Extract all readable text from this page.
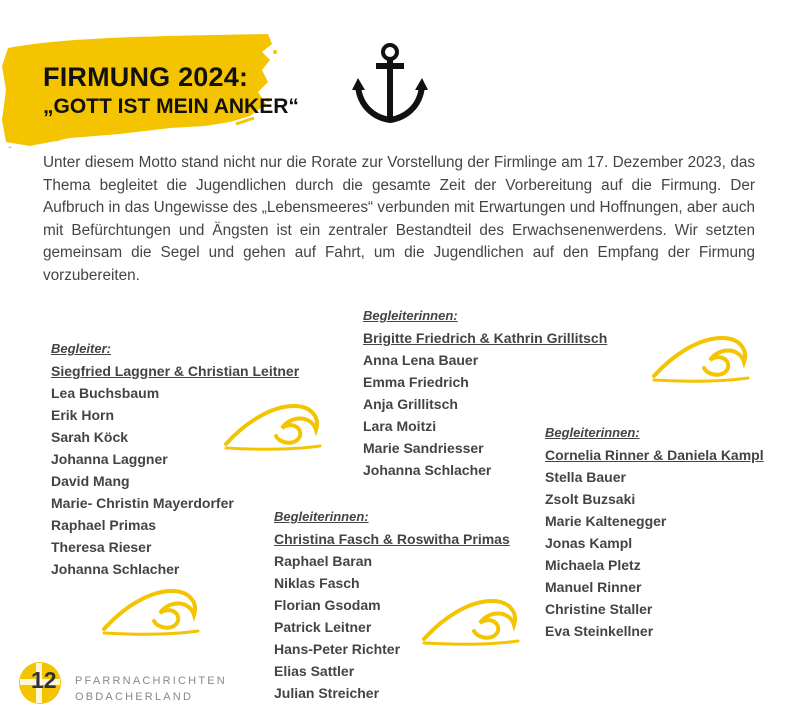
FIRMUNG 2024:
„GOTT IST MEIN ANKER“

Unter diesem Motto stand nicht nur die Rorate zur Vorstellung der Firmlinge am 17. Dezember 2023, das Thema begleitet die Jugendlichen durch die gesamte Zeit der Vorbereitung auf die Firmung. Der Aufbruch in das Ungewisse des „Lebensmeeres“ verbunden mit Erwartungen und Hoffnungen, aber auch mit Befürchtungen und Ängsten ist ein zentraler Bestandteil des Erwachsenenwerdens. Wir setzten gemeinsam die Segel und gehen auf Fahrt, um die Jugendlichen auf den Empfang der Firmung vorzubereiten.

Begleiter:
Siegfried Laggner & Christian Leitner
Lea Buchsbaum
Erik Horn
Sarah Köck
Johanna Laggner
David Mang
Marie- Christin Mayerdorfer
Raphael Primas
Theresa Rieser
Johanna Schlacher
Begleiterinnen:
Brigitte Friedrich & Kathrin Grillitsch
Anna Lena Bauer
Emma Friedrich
Anja Grillitsch
Lara Moitzi
Marie Sandriesser
Johanna Schlacher
Begleiterinnen:
Christina Fasch & Roswitha Primas
Raphael Baran
Niklas Fasch
Florian Gsodam
Patrick Leitner
Hans-Peter Richter
Elias Sattler
Julian Streicher
Begleiterinnen:
Cornelia Rinner & Daniela Kampl
Stella Bauer
Zsolt Buzsaki
Marie Kaltenegger
Jonas Kampl
Michaela Pletz
Manuel Rinner
Christine Staller
Eva Steinkellner
12 PFARRNACHRICHTEN
OBDACHERLAND
